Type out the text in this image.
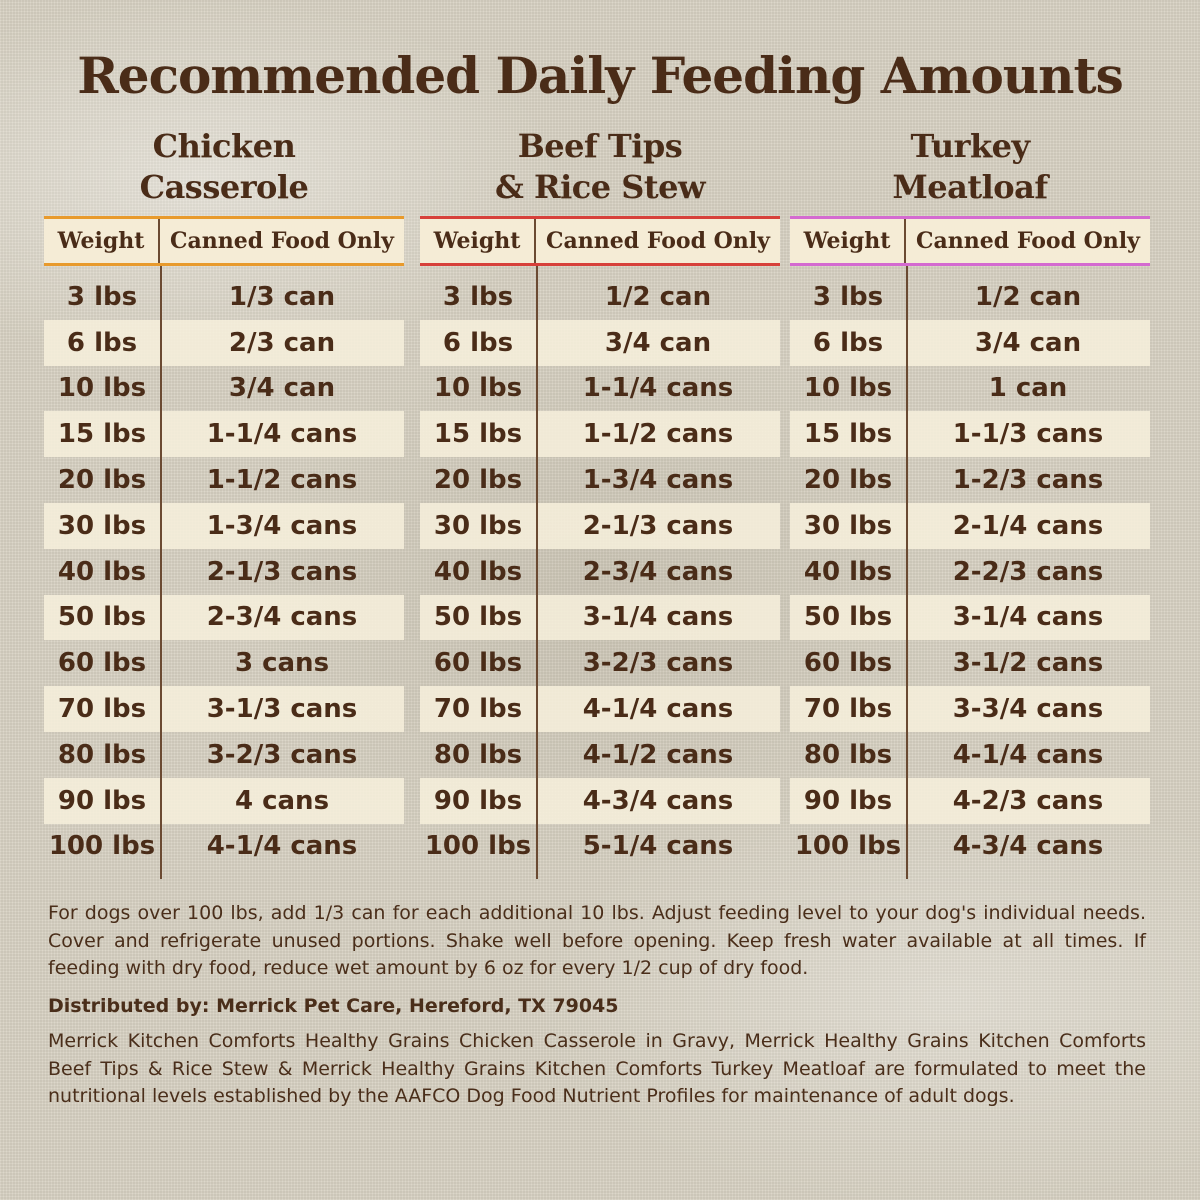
Recommended Daily Feeding Amounts
Chicken
Casserole
Weight	Canned Food Only
3 lbs	1/3 can
6 lbs	2/3 can
10 lbs	3/4 can
15 lbs	1-1/4 cans
20 lbs	1-1/2 cans
30 lbs	1-3/4 cans
40 lbs	2-1/3 cans
50 lbs	2-3/4 cans
60 lbs	3 cans
70 lbs	3-1/3 cans
80 lbs	3-2/3 cans
90 lbs	4 cans
100 lbs	4-1/4 cans
Beef Tips
& Rice Stew
Weight	Canned Food Only
3 lbs	1/2 can
6 lbs	3/4 can
10 lbs	1-1/4 cans
15 lbs	1-1/2 cans
20 lbs	1-3/4 cans
30 lbs	2-1/3 cans
40 lbs	2-3/4 cans
50 lbs	3-1/4 cans
60 lbs	3-2/3 cans
70 lbs	4-1/4 cans
80 lbs	4-1/2 cans
90 lbs	4-3/4 cans
100 lbs	5-1/4 cans
Turkey
Meatloaf
Weight	Canned Food Only
3 lbs	1/2 can
6 lbs	3/4 can
10 lbs	1 can
15 lbs	1-1/3 cans
20 lbs	1-2/3 cans
30 lbs	2-1/4 cans
40 lbs	2-2/3 cans
50 lbs	3-1/4 cans
60 lbs	3-1/2 cans
70 lbs	3-3/4 cans
80 lbs	4-1/4 cans
90 lbs	4-2/3 cans
100 lbs	4-3/4 cans

For dogs over 100 lbs, add 1/3 can for each additional 10 lbs. Adjust feeding level to your dog's individual needs. Cover and refrigerate unused portions. Shake well before opening. Keep fresh water available at all times. If feeding with dry food, reduce wet amount by 6 oz for every 1/2 cup of dry food.

Distributed by: Merrick Pet Care, Hereford, TX 79045

Merrick Kitchen Comforts Healthy Grains Chicken Casserole in Gravy, Merrick Healthy Grains Kitchen Comforts Beef Tips & Rice Stew & Merrick Healthy Grains Kitchen Comforts Turkey Meatloaf are formulated to meet the nutritional levels established by the AAFCO Dog Food Nutrient Profiles for maintenance of adult dogs.
